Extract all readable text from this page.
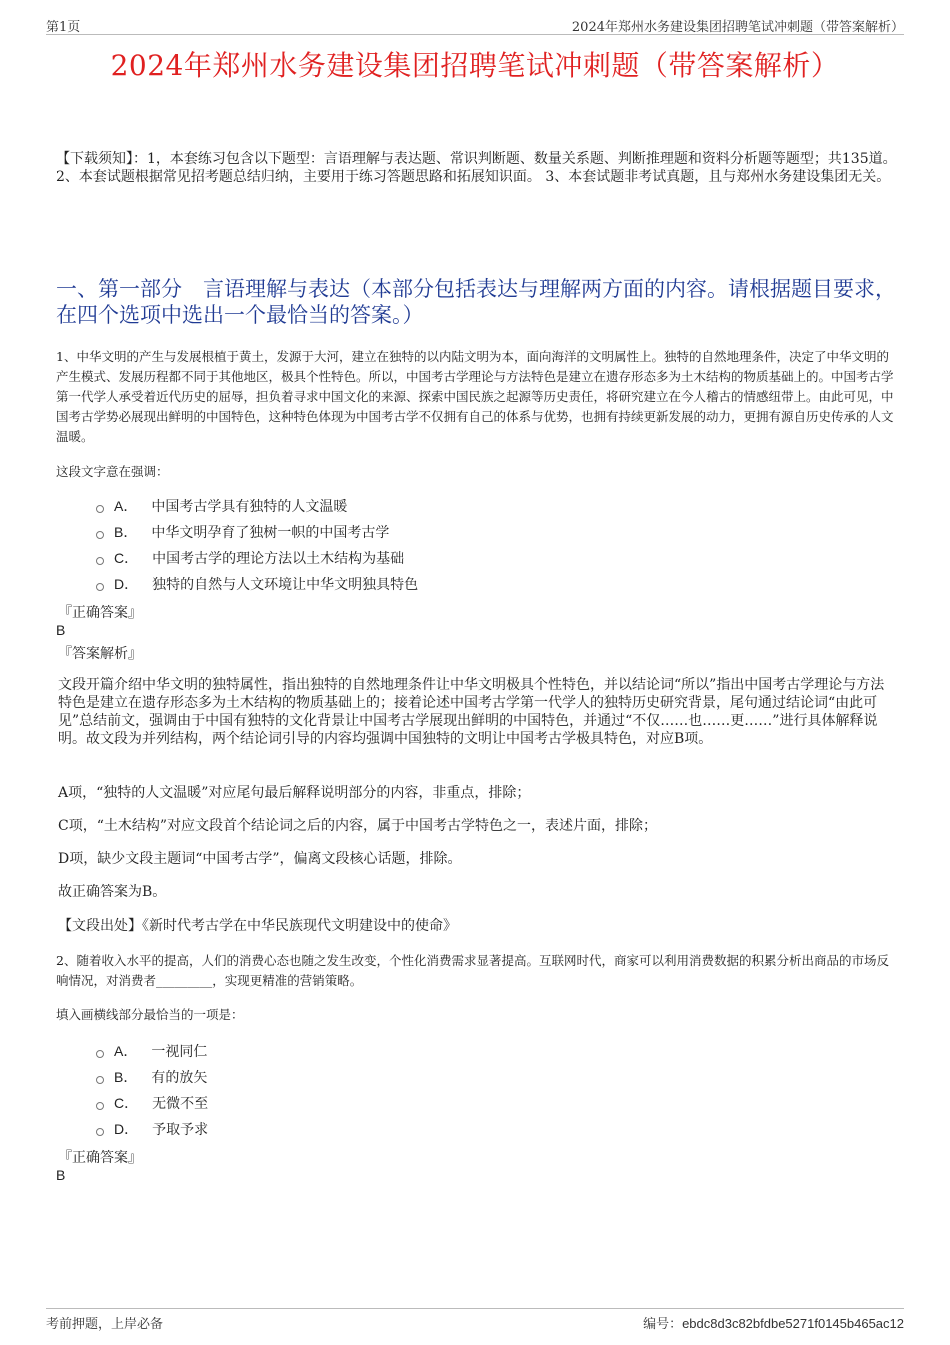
第1页	2024年郑州水务建设集团招聘笔试冲刺题（带答案解析）
2024年郑州水务建设集团招聘笔试冲刺题（带答案解析）
【下载须知】：1，本套练习包含以下题型：言语理解与表达题、常识判断题、数量关系题、判断推理题和资料分析题等题型；共135道。 2、本套试题根据常见招考题总结归纳，主要用于练习答题思路和拓展知识面。 3、本套试题非考试真题，且与郑州水务建设集团无关。
一、第一部分　言语理解与表达（本部分包括表达与理解两方面的内容。请根据题目要求，在四个选项中选出一个最恰当的答案。）
1、中华文明的产生与发展根植于黄土，发源于大河，建立在独特的以内陆文明为本，面向海洋的文明属性上。独特的自然地理条件，决定了中华文明的产生模式、发展历程都不同于其他地区，极具个性特色。所以，中国考古学理论与方法特色是建立在遗存形态多为土木结构的物质基础上的。中国考古学第一代学人承受着近代历史的屈辱，担负着寻求中国文化的来源、探索中国民族之起源等历史责任，将研究建立在今人稽古的情感纽带上。由此可见，中国考古学势必展现出鲜明的中国特色，这种特色体现为中国考古学不仅拥有自己的体系与优势，也拥有持续更新发展的动力，更拥有源自历史传承的人文温暖。
这段文字意在强调：
A． 中国考古学具有独特的人文温暖
B． 中华文明孕育了独树一帜的中国考古学
C． 中国考古学的理论方法以土木结构为基础
D． 独特的自然与人文环境让中华文明独具特色
『正确答案』
B
『答案解析』
文段开篇介绍中华文明的独特属性，指出独特的自然地理条件让中华文明极具个性特色，并以结论词“所以”指出中国考古学理论与方法特色是建立在遗存形态多为土木结构的物质基础上的；接着论述中国考古学第一代学人的独特历史研究背景，尾句通过结论词“由此可见”总结前文，强调由于中国有独特的文化背景让中国考古学展现出鲜明的中国特色，并通过“不仅……也……更……”进行具体解释说明。故文段为并列结构，两个结论词引导的内容均强调中国独特的文明让中国考古学极具特色，对应B项。
A项，“独特的人文温暖”对应尾句最后解释说明部分的内容，非重点，排除；
C项，“土木结构”对应文段首个结论词之后的内容，属于中国考古学特色之一，表述片面，排除；
D项，缺少文段主题词“中国考古学”，偏离文段核心话题，排除。
故正确答案为B。
【文段出处】《新时代考古学在中华民族现代文明建设中的使命》
2、随着收入水平的提高，人们的消费心态也随之发生改变，个性化消费需求显著提高。互联网时代，商家可以利用消费数据的积累分析出商品的市场反响情况，对消费者_________，实现更精准的营销策略。
填入画横线部分最恰当的一项是：
A． 一视同仁
B． 有的放矢
C． 无微不至
D． 予取予求
『正确答案』
B
考前押题，上岸必备	编号：ebdc8d3c82bfdbe5271f0145b465ac12
